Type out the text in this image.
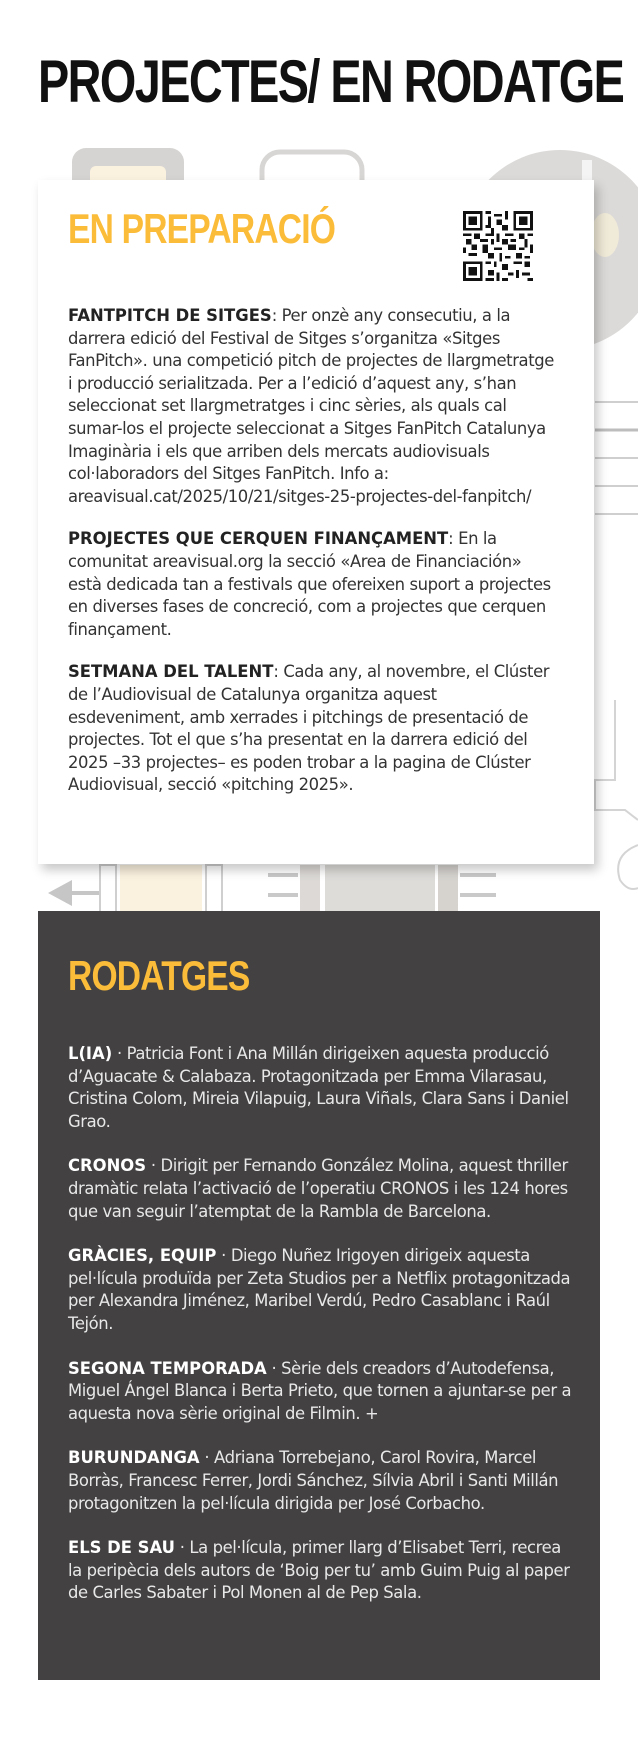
PROJECTES/ EN RODATGE
EN PREPARACIÓ

FANTPITCH DE SITGES: Per onzè any consecutiu, a la darrera edició del Festival de Sitges s’organitza «Sitges FanPitch». una competició pitch de projectes de llargmetratge i producció serialitzada. Per a l’edició d’aquest any, s’han seleccionat set llargmetratges i cinc sèries, als quals cal sumar-los el projecte seleccionat a Sitges FanPitch Catalunya Imaginària i els que arriben dels mercats audiovisuals col·laboradors del Sitges FanPitch. Info a: areavisual.cat/2025/10/21/sitges-25-projectes-del-fanpitch/

PROJECTES QUE CERQUEN FINANÇAMENT: En la comunitat areavisual.org la secció «Area de Financiación» està dedicada tan a festivals que ofereixen suport a projectes en diverses fases de concreció, com a projectes que cerquen finançament.

SETMANA DEL TALENT: Cada any, al novembre, el Clúster de l’Audiovisual de Catalunya organitza aquest esdeveniment, amb xerrades i pitchings de presentació de projectes. Tot el que s’ha presentat en la darrera edició del 2025 –33 projectes– es poden trobar a la pagina de Clúster Audiovisual, secció «pitching 2025».

RODATGES

L(IA) · Patricia Font i Ana Millán dirigeixen aquesta producció d’Aguacate & Calabaza. Protagonitzada per Emma Vilarasau, Cristina Colom, Mireia Vilapuig, Laura Viñals, Clara Sans i Daniel Grao.

CRONOS · Dirigit per Fernando González Molina, aquest thriller dramàtic relata l’activació de l’operatiu CRONOS i les 124 hores que van seguir l’atemptat de la Rambla de Barcelona.

GRÀCIES, EQUIP · Diego Nuñez Irigoyen dirigeix aquesta pel·lícula produïda per Zeta Studios per a Netflix protagonitzada per Alexandra Jiménez, Maribel Verdú, Pedro Casablanc i Raúl Tejón.

SEGONA TEMPORADA · Sèrie dels creadors d’Autodefensa, Miguel Ángel Blanca i Berta Prieto, que tornen a ajuntar-se per a aquesta nova sèrie original de Filmin. +

BURUNDANGA · Adriana Torrebejano, Carol Rovira, Marcel Borràs, Francesc Ferrer, Jordi Sánchez, Sílvia Abril i Santi Millán protagonitzen la pel·lícula dirigida per José Corbacho.

ELS DE SAU · La pel·lícula, primer llarg d’Elisabet Terri, recrea la peripècia dels autors de ‘Boig per tu’ amb Guim Puig al paper de Carles Sabater i Pol Monen al de Pep Sala.
